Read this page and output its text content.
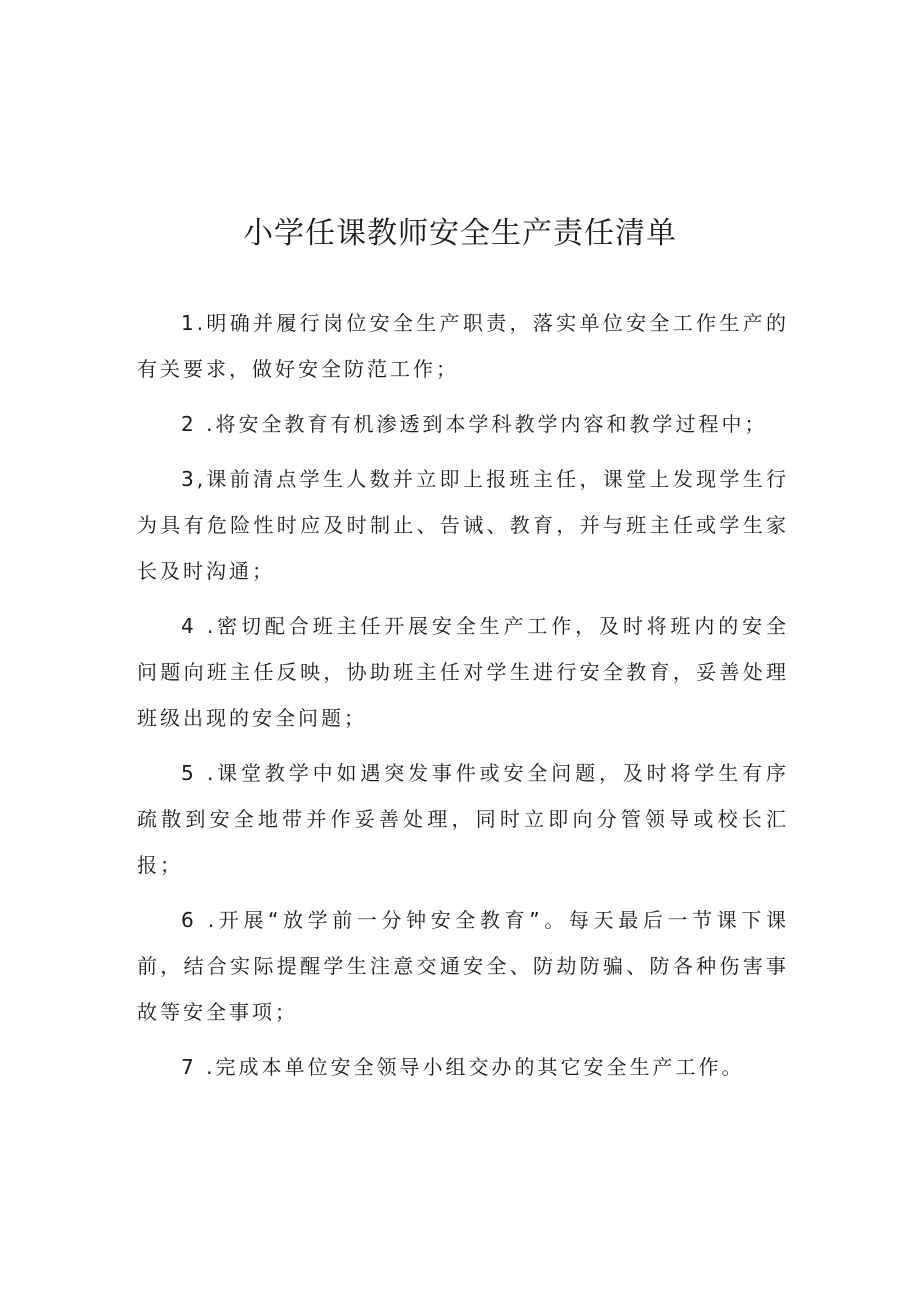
小学任课教师安全生产责任清单

1.明确并履行岗位安全生产职责，落实单位安全工作生产的有关要求，做好安全防范工作；

2 .将安全教育有机渗透到本学科教学内容和教学过程中；

3,课前清点学生人数并立即上报班主任，课堂上发现学生行为具有危险性时应及时制止、告诫、教育，并与班主任或学生家长及时沟通；

4 .密切配合班主任开展安全生产工作，及时将班内的安全问题向班主任反映，协助班主任对学生进行安全教育，妥善处理班级出现的安全问题；

5 .课堂教学中如遇突发事件或安全问题，及时将学生有序疏散到安全地带并作妥善处理，同时立即向分管领导或校长汇报；

6 .开展“放学前一分钟安全教育”。每天最后一节课下课前，结合实际提醒学生注意交通安全、防劫防骗、防各种伤害事故等安全事项；

7 .完成本单位安全领导小组交办的其它安全生产工作。
